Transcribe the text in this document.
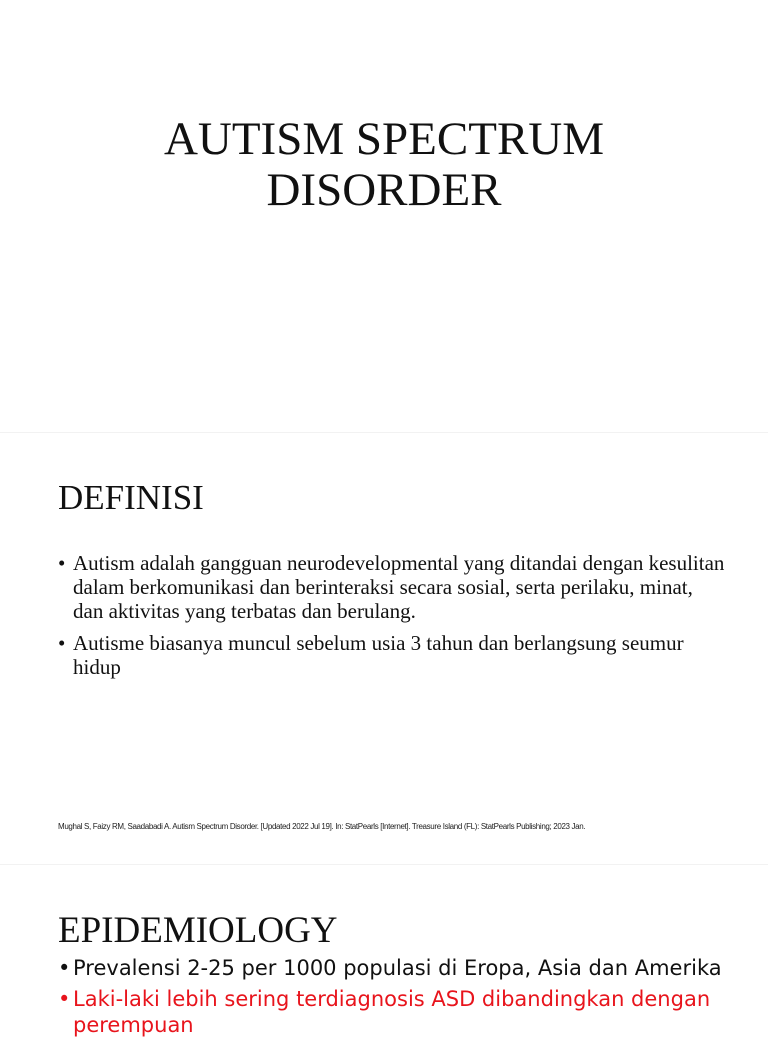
AUTISM SPECTRUM
DISORDER
DEFINISI
• Autism adalah gangguan neurodevelopmental yang ditandai dengan kesulitan dalam berkomunikasi dan berinteraksi secara sosial, serta perilaku, minat, dan aktivitas yang terbatas dan berulang.
• Autisme biasanya muncul sebelum usia 3 tahun dan berlangsung seumur hidup

Mughal S, Faizy RM, Saadabadi A. Autism Spectrum Disorder. [Updated 2022 Jul 19]. In: StatPearls [Internet]. Treasure Island (FL): StatPearls Publishing; 2023 Jan.

EPIDEMIOLOGY
• Prevalensi 2-25 per 1000 populasi di Eropa, Asia dan Amerika
• Laki-laki lebih sering terdiagnosis ASD dibandingkan dengan perempuan
